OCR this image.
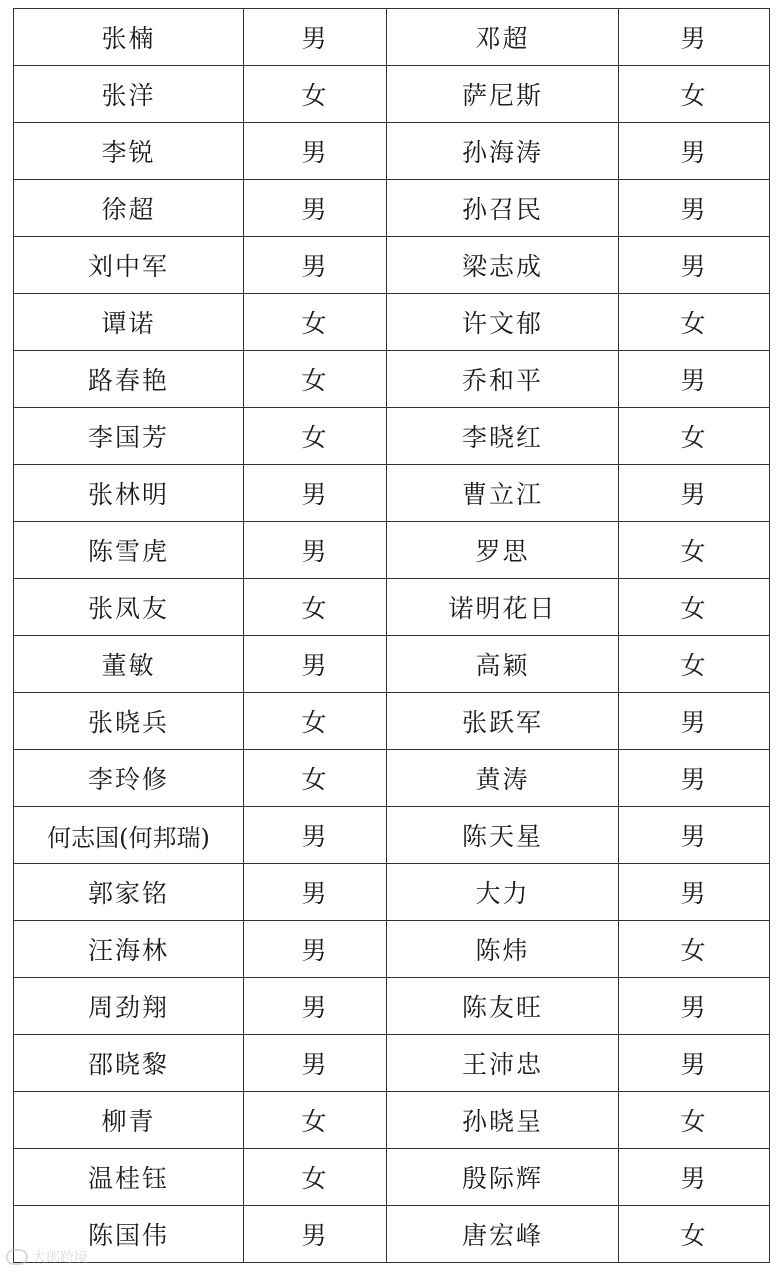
张楠	男	邓超	男
张洋	女	萨尼斯	女
李锐	男	孙海涛	男
徐超	男	孙召民	男
刘中军	男	梁志成	男
谭诺	女	许文郁	女
路春艳	女	乔和平	男
李国芳	女	李晓红	女
张林明	男	曹立江	男
陈雪虎	男	罗思	女
张凤友	女	诺明花日	女
董敏	男	高颖	女
张晓兵	女	张跃军	男
李玲修	女	黄涛	男
何志国(何邦瑞)	男	陈天星	男
郭家铭	男	大力	男
汪海林	男	陈炜	女
周劲翔	男	陈友旺	男
邵晓黎	男	王沛忠	男
柳青	女	孙晓呈	女
温桂钰	女	殷际辉	男
陈国伟	男	唐宏峰	女
大郎跨境
